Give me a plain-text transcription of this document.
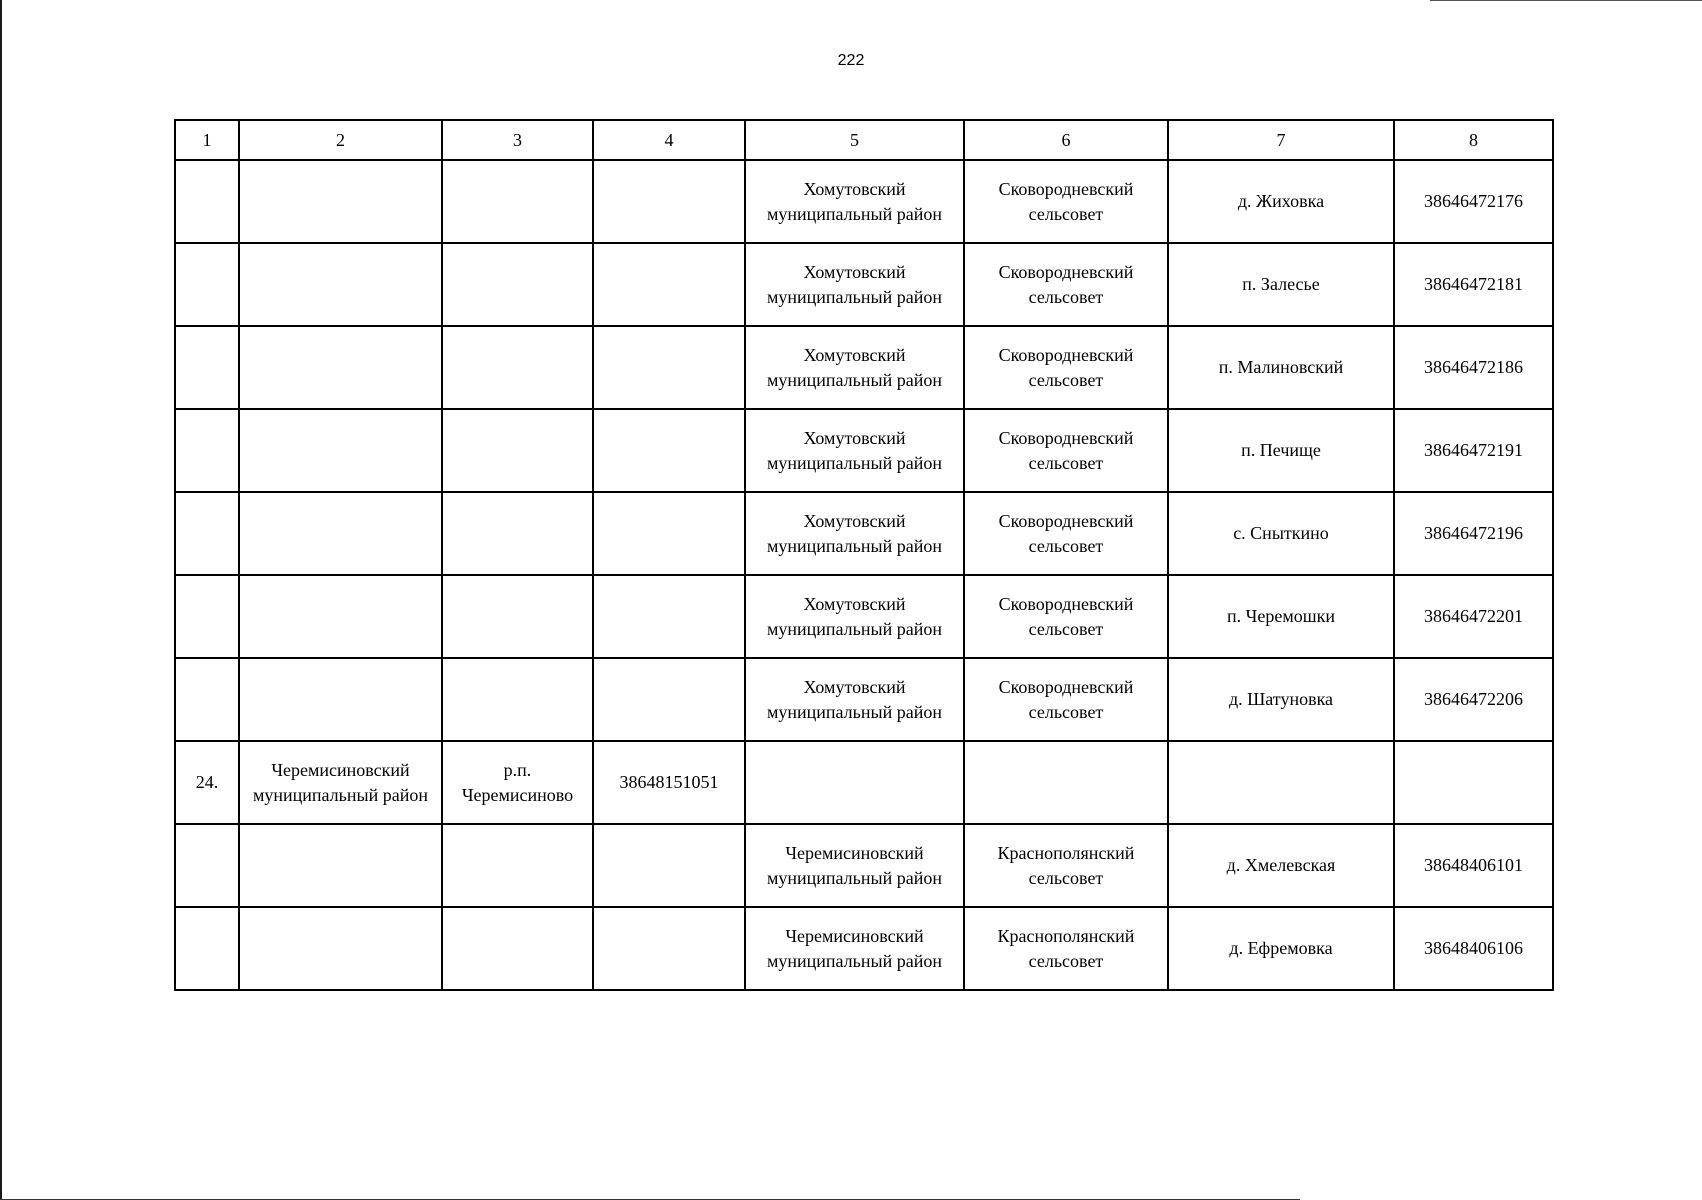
222
1	2	3	4	5	6	7	8
				Хомутовский муниципальный район	Сковородневский сельсовет	д. Жиховка	38646472176
				Хомутовский муниципальный район	Сковородневский сельсовет	п. Залесье	38646472181
				Хомутовский муниципальный район	Сковородневский сельсовет	п. Малиновский	38646472186
				Хомутовский муниципальный район	Сковородневский сельсовет	п. Печище	38646472191
				Хомутовский муниципальный район	Сковородневский сельсовет	с. Сныткино	38646472196
				Хомутовский муниципальный район	Сковородневский сельсовет	п. Черемошки	38646472201
				Хомутовский муниципальный район	Сковородневский сельсовет	д. Шатуновка	38646472206
24.	Черемисиновский муниципальный район	р.п. Черемисиново	38648151051				
				Черемисиновский муниципальный район	Краснополянский сельсовет	д. Хмелевская	38648406101
				Черемисиновский муниципальный район	Краснополянский сельсовет	д. Ефремовка	38648406106
